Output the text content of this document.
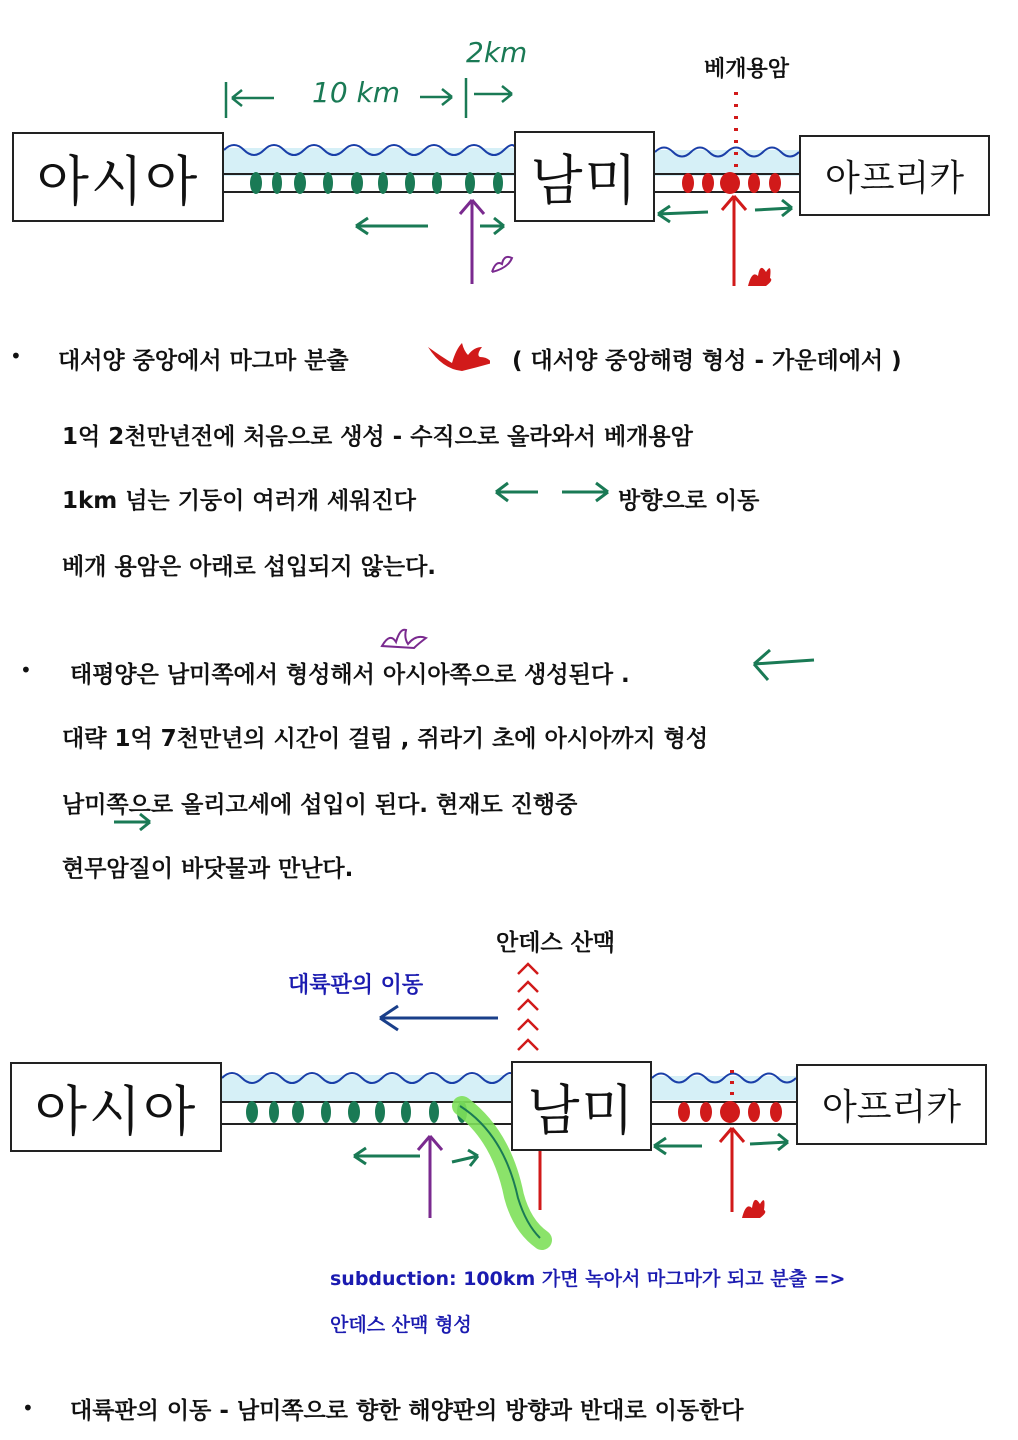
아시아	남미	아프리카
10 km
2km
베개용암
• 대서양 중앙에서 마그마 분출	( 대서양 중앙해령 형성 - 가운데에서 )
1억 2천만년전에 처음으로 생성 - 수직으로 올라와서 베개용암
1km 넘는 기둥이 여러개 세워진다	방향으로 이동
베개 용암은 아래로 섭입되지 않는다.
• 태평양은 남미쪽에서 형성해서 아시아쪽으로 생성된다 .
대략 1억 7천만년의 시간이 걸림 , 쥐라기 초에 아시아까지 형성
남미쪽으로 올리고세에 섭입이 된다. 현재도 진행중
현무암질이 바닷물과 만난다.
안데스 산맥
대륙판의 이동
아시아	남미	아프리카
subduction: 100km 가면 녹아서 마그마가 되고 분출 =>
안데스 산맥 형성
• 대륙판의 이동 - 남미쪽으로 향한 해양판의 방향과 반대로 이동한다
